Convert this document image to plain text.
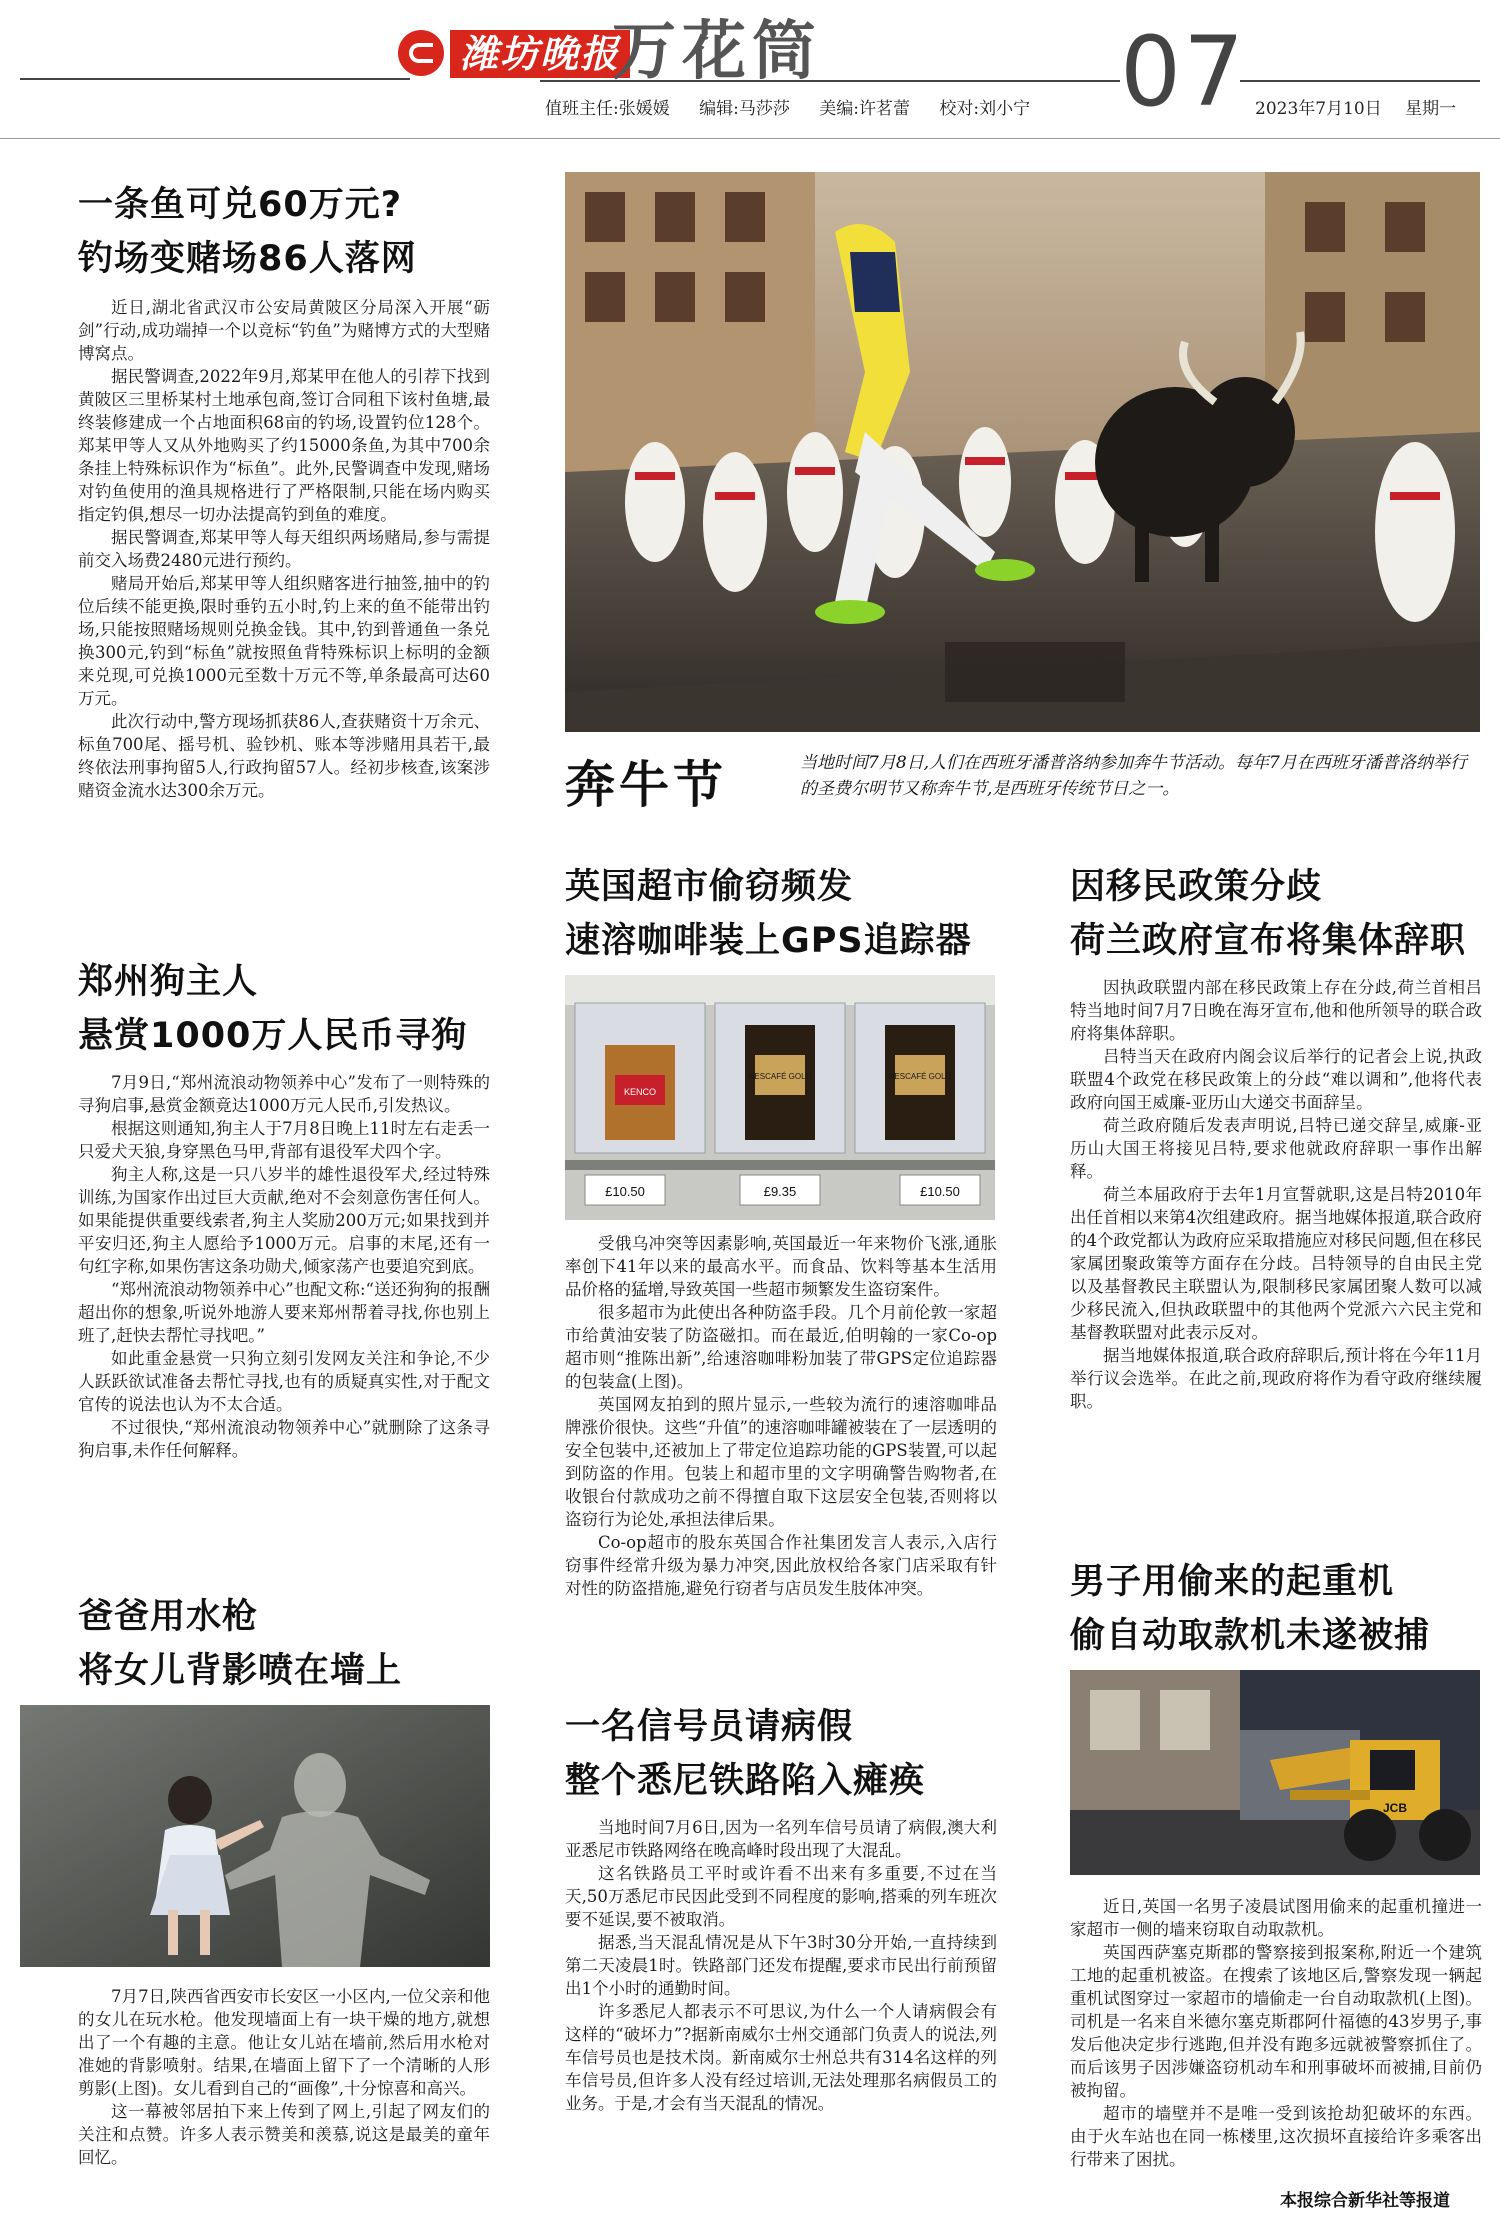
潍坊晚报
万花筒	07
值班主任:张媛媛 编辑:马莎莎 美编:许茗蕾 校对:刘小宁	2023年7月10日 星期一
一条鱼可兑60万元?
钓场变赌场86人落网

近日,湖北省武汉市公安局黄陂区分局深入开展“砺剑”行动,成功端掉一个以竞标“钓鱼”为赌博方式的大型赌博窝点。

据民警调查,2022年9月,郑某甲在他人的引荐下找到黄陂区三里桥某村土地承包商,签订合同租下该村鱼塘,最终装修建成一个占地面积68亩的钓场,设置钓位128个。郑某甲等人又从外地购买了约15000条鱼,为其中700余条挂上特殊标识作为“标鱼”。此外,民警调查中发现,赌场对钓鱼使用的渔具规格进行了严格限制,只能在场内购买指定钓俱,想尽一切办法提高钓到鱼的难度。

据民警调查,郑某甲等人每天组织两场赌局,参与需提前交入场费2480元进行预约。

赌局开始后,郑某甲等人组织赌客进行抽签,抽中的钓位后续不能更换,限时垂钓五小时,钓上来的鱼不能带出钓场,只能按照赌场规则兑换金钱。其中,钓到普通鱼一条兑换300元,钓到“标鱼”就按照鱼背特殊标识上标明的金额来兑现,可兑换1000元至数十万元不等,单条最高可达60万元。

此次行动中,警方现场抓获86人,查获赌资十万余元、标鱼700尾、摇号机、验钞机、账本等涉赌用具若干,最终依法刑事拘留5人,行政拘留57人。经初步核查,该案涉赌资金流水达300余万元。

郑州狗主人
悬赏1000万人民币寻狗

7月9日,“郑州流浪动物领养中心”发布了一则特殊的寻狗启事,悬赏金额竟达1000万元人民币,引发热议。

根据这则通知,狗主人于7月8日晚上11时左右走丢一只爱犬天狼,身穿黑色马甲,背部有退役军犬四个字。

狗主人称,这是一只八岁半的雄性退役军犬,经过特殊训练,为国家作出过巨大贡献,绝对不会刻意伤害任何人。如果能提供重要线索者,狗主人奖励200万元;如果找到并平安归还,狗主人愿给予1000万元。启事的末尾,还有一句红字称,如果伤害这条功勋犬,倾家荡产也要追究到底。

“郑州流浪动物领养中心”也配文称:“送还狗狗的报酬超出你的想象,听说外地游人要来郑州帮着寻找,你也别上班了,赶快去帮忙寻找吧。”

如此重金悬赏一只狗立刻引发网友关注和争论,不少人跃跃欲试准备去帮忙寻找,也有的质疑真实性,对于配文官传的说法也认为不太合适。

不过很快,“郑州流浪动物领养中心”就删除了这条寻狗启事,未作任何解释。

爸爸用水枪
将女儿背影喷在墙上

7月7日,陕西省西安市长安区一小区内,一位父亲和他的女儿在玩水枪。他发现墙面上有一块干燥的地方,就想出了一个有趣的主意。他让女儿站在墙前,然后用水枪对准她的背影喷射。结果,在墙面上留下了一个清晰的人形剪影(上图)。女儿看到自己的“画像”,十分惊喜和高兴。

这一幕被邻居拍下来上传到了网上,引起了网友们的关注和点赞。许多人表示赞美和羡慕,说这是最美的童年回忆。

奔牛节	当地时间7月8日,人们在西班牙潘普洛纳参加奔牛节活动。每年7月在西班牙潘普洛纳举行的圣费尔明节又称奔牛节,是西班牙传统节日之一。
英国超市偷窃频发
速溶咖啡装上GPS追踪器
KENCO
NESCAFÉ GOLD	NESCAFÉ GOLD
£10.50	£9.35	£10.50

受俄乌冲突等因素影响,英国最近一年来物价飞涨,通胀率创下41年以来的最高水平。而食品、饮料等基本生活用品价格的猛增,导致英国一些超市频繁发生盗窃案件。

很多超市为此使出各种防盗手段。几个月前伦敦一家超市给黄油安装了防盗磁扣。而在最近,伯明翰的一家Co-op超市则“推陈出新”,给速溶咖啡粉加装了带GPS定位追踪器的包装盒(上图)。

英国网友拍到的照片显示,一些较为流行的速溶咖啡品牌涨价很快。这些“升值”的速溶咖啡罐被装在了一层透明的安全包装中,还被加上了带定位追踪功能的GPS装置,可以起到防盗的作用。包装上和超市里的文字明确警告购物者,在收银台付款成功之前不得擅自取下这层安全包装,否则将以盗窃行为论处,承担法律后果。

Co-op超市的股东英国合作社集团发言人表示,入店行窃事件经常升级为暴力冲突,因此放权给各家门店采取有针对性的防盗措施,避免行窃者与店员发生肢体冲突。

一名信号员请病假
整个悉尼铁路陷入瘫痪

当地时间7月6日,因为一名列车信号员请了病假,澳大利亚悉尼市铁路网络在晚高峰时段出现了大混乱。

这名铁路员工平时或许看不出来有多重要,不过在当天,50万悉尼市民因此受到不同程度的影响,搭乘的列车班次要不延误,要不被取消。

据悉,当天混乱情况是从下午3时30分开始,一直持续到第二天凌晨1时。铁路部门还发布提醒,要求市民出行前预留出1个小时的通勤时间。

许多悉尼人都表示不可思议,为什么一个人请病假会有这样的“破坏力”?据新南威尔士州交通部门负责人的说法,列车信号员也是技术岗。新南威尔士州总共有314名这样的列车信号员,但许多人没有经过培训,无法处理那名病假员工的业务。于是,才会有当天混乱的情况。

因移民政策分歧
荷兰政府宣布将集体辞职

因执政联盟内部在移民政策上存在分歧,荷兰首相吕特当地时间7月7日晚在海牙宣布,他和他所领导的联合政府将集体辞职。

吕特当天在政府内阁会议后举行的记者会上说,执政联盟4个政党在移民政策上的分歧“难以调和”,他将代表政府向国王威廉-亚历山大递交书面辞呈。

荷兰政府随后发表声明说,吕特已递交辞呈,威廉-亚历山大国王将接见吕特,要求他就政府辞职一事作出解释。

荷兰本届政府于去年1月宣誓就职,这是吕特2010年出任首相以来第4次组建政府。据当地媒体报道,联合政府的4个政党都认为政府应采取措施应对移民问题,但在移民家属团聚政策等方面存在分歧。吕特领导的自由民主党以及基督教民主联盟认为,限制移民家属团聚人数可以减少移民流入,但执政联盟中的其他两个党派六六民主党和基督教联盟对此表示反对。

据当地媒体报道,联合政府辞职后,预计将在今年11月举行议会选举。在此之前,现政府将作为看守政府继续履职。

男子用偷来的起重机
偷自动取款机未遂被捕
JCB

近日,英国一名男子凌晨试图用偷来的起重机撞进一家超市一侧的墙来窃取自动取款机。

英国西萨塞克斯郡的警察接到报案称,附近一个建筑工地的起重机被盗。在搜索了该地区后,警察发现一辆起重机试图穿过一家超市的墙偷走一台自动取款机(上图)。司机是一名来自米德尔塞克斯郡阿什福德的43岁男子,事发后他决定步行逃跑,但并没有跑多远就被警察抓住了。而后该男子因涉嫌盗窃机动车和刑事破坏而被捕,目前仍被拘留。

超市的墙壁并不是唯一受到该抢劫犯破坏的东西。由于火车站也在同一栋楼里,这次损坏直接给许多乘客出行带来了困扰。

本报综合新华社等报道
